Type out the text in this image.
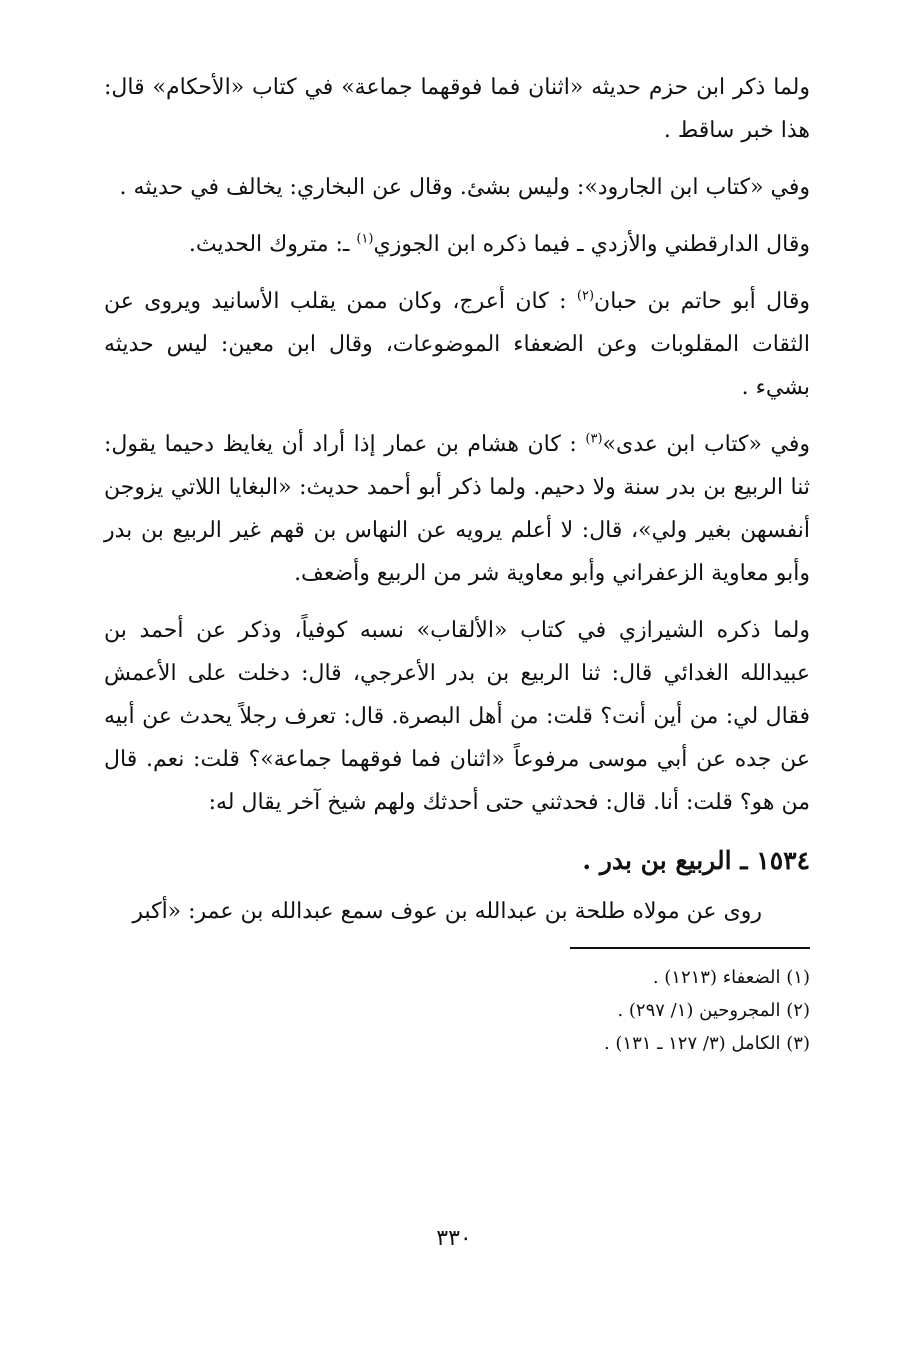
ولما ذكر ابن حزم حديثه «اثنان فما فوقهما جماعة» في كتاب «الأحكام» قال: هذا خبر ساقط .

وفي «كتاب ابن الجارود»: وليس بشئ. وقال عن البخاري: يخالف في حديثه .

وقال الدارقطني والأزدي ـ فيما ذكره ابن الجوزي$^{(١)}$ ـ: متروك الحديث.

وقال أبو حاتم بن حبان$^{(٢)}$ : كان أعرج، وكان ممن يقلب الأسانيد ويروى عن الثقات المقلوبات وعن الضعفاء الموضوعات، وقال ابن معين: ليس حديثه بشيء .

وفي «كتاب ابن عدى»$^{(٣)}$ : كان هشام بن عمار إذا أراد أن يغايظ دحيما يقول: ثنا الربيع بن بدر سنة ولا دحيم. ولما ذكر أبو أحمد حديث: «البغايا اللاتي يزوجن أنفسهن بغير ولي»، قال: لا أعلم يرويه عن النهاس بن قهم غير الربيع بن بدر وأبو معاوية الزعفراني وأبو معاوية شر من الربيع وأضعف.

ولما ذكره الشيرازي في كتاب «الألقاب» نسبه كوفياً، وذكر عن أحمد بن عبيدالله الغدائي قال: ثنا الربيع بن بدر الأعرجي، قال: دخلت على الأعمش فقال لي: من أين أنت؟ قلت: من أهل البصرة. قال: تعرف رجلاً يحدث عن أبيه عن جده عن أبي موسى مرفوعاً «اثنان فما فوقهما جماعة»؟ قلت: نعم. قال من هو؟ قلت: أنا. قال: فحدثني حتى أحدثك ولهم شيخ آخر يقال له:

١٥٣٤ ـ الربيع بن بدر .

روى عن مولاه طلحة بن عبدالله بن عوف سمع عبدالله بن عمر: «أكبر

(١) الضعفاء (١٢١٣) .

(٢) المجروحين (١/ ٢٩٧) .

(٣) الكامل (٣/ ١٢٧ ـ ١٣١) .

٣٣٠
